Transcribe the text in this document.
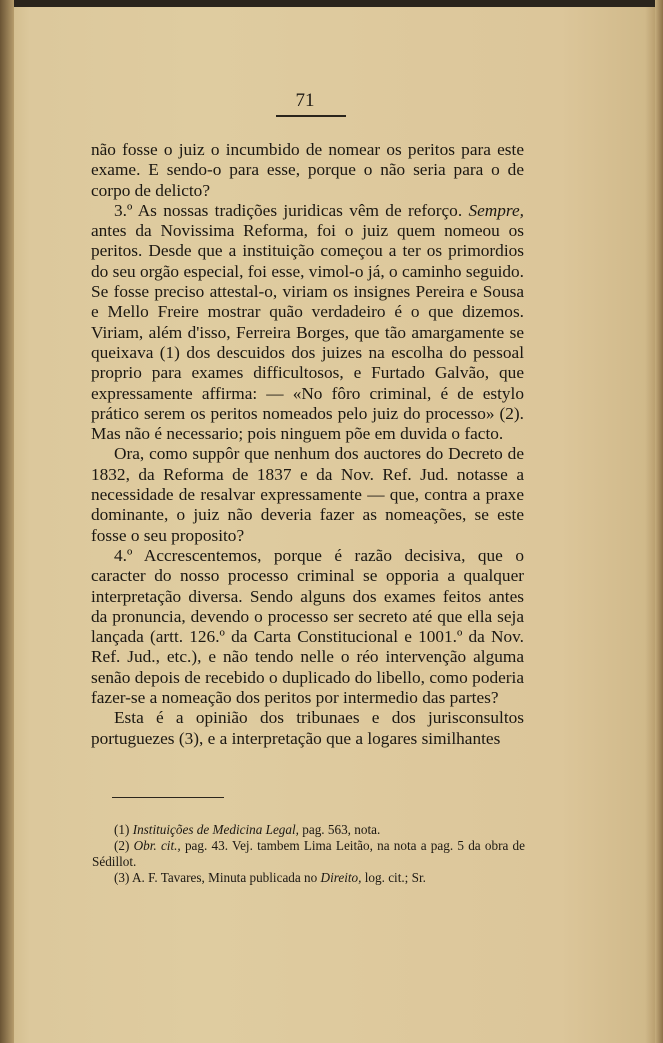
71

não fosse o juiz o incumbido de nomear os peritos para este exame. E sendo-o para esse, porque o não seria para o de corpo de delicto?

3.º As nossas tradições juridicas vêm de reforço. Sempre, antes da Novissima Reforma, foi o juiz quem nomeou os peritos. Desde que a instituição começou a ter os primordios do seu orgão especial, foi esse, vimol-o já, o caminho seguido. Se fosse preciso attestal-o, viriam os insignes Pereira e Sousa e Mello Freire mostrar quão verdadeiro é o que dizemos. Viriam, além d'isso, Ferreira Borges, que tão amargamente se queixava (1) dos descuidos dos juizes na escolha do pessoal proprio para exames difficultosos, e Furtado Galvão, que expressamente affirma: — «No fôro criminal, é de estylo prático serem os peritos nomeados pelo juiz do processo» (2). Mas não é necessario; pois ninguem põe em duvida o facto.

Ora, como suppôr que nenhum dos auctores do Decreto de 1832, da Reforma de 1837 e da Nov. Ref. Jud. notasse a necessidade de resalvar expressamente — que, contra a praxe dominante, o juiz não deveria fazer as nomeações, se este fosse o seu proposito?

4.º Accrescentemos, porque é razão decisiva, que o caracter do nosso processo criminal se opporia a qualquer interpretação diversa. Sendo alguns dos exames feitos antes da pronuncia, devendo o processo ser secreto até que ella seja lançada (artt. 126.º da Carta Constitucional e 1001.º da Nov. Ref. Jud., etc.), e não tendo nelle o réo intervenção alguma senão depois de recebido o duplicado do libello, como poderia fazer-se a nomeação dos peritos por intermedio das partes?

Esta é a opinião dos tribunaes e dos jurisconsultos portuguezes (3), e a interpretação que a logares similhantes

(1) Instituições de Medicina Legal, pag. 563, nota.

(2) Obr. cit., pag. 43. Vej. tambem Lima Leitão, na nota a pag. 5 da obra de Sédillot.

(3) A. F. Tavares, Minuta publicada no Direito, log. cit.; Sr.
